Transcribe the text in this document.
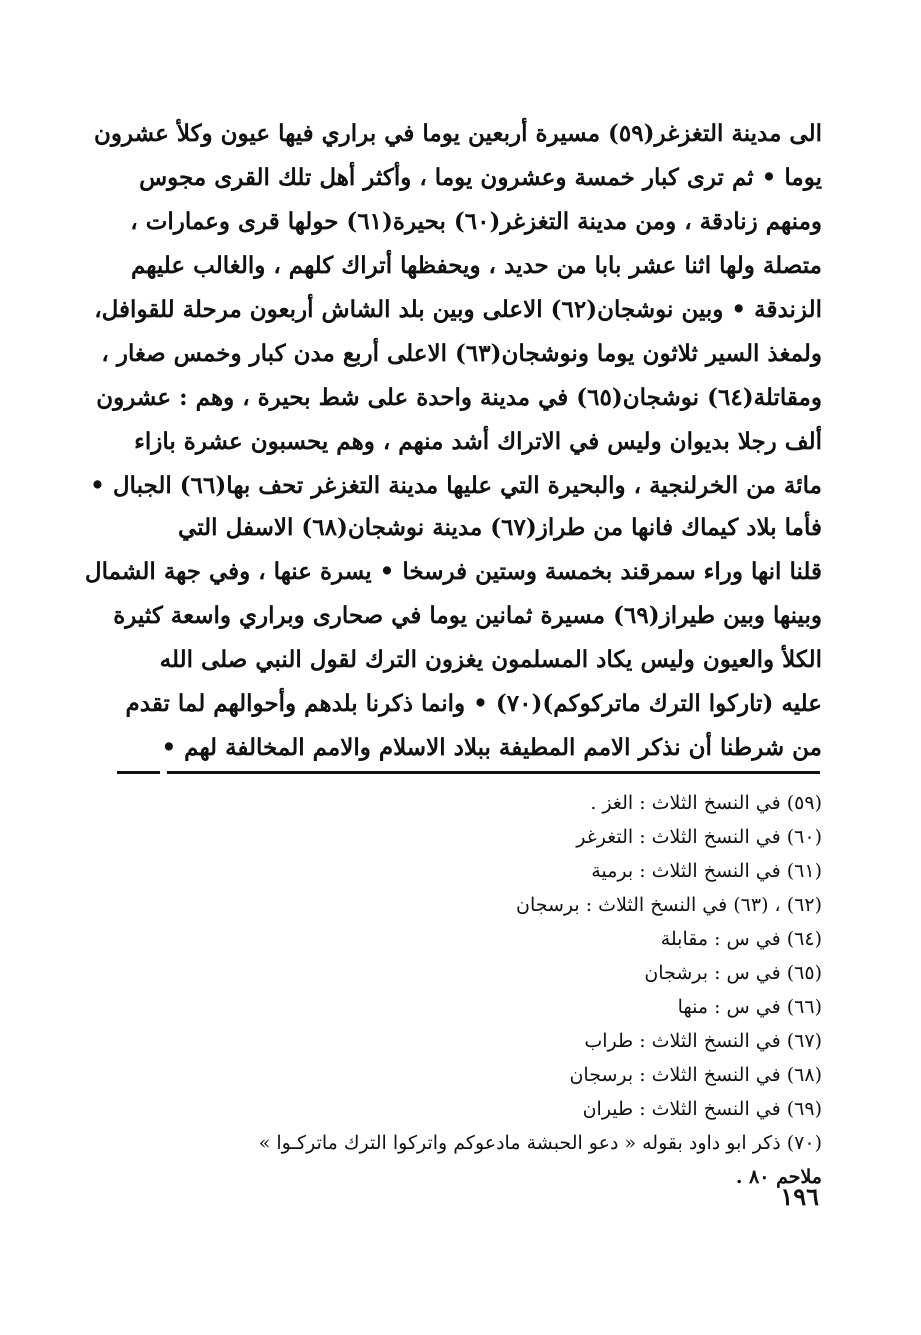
الى مدينة التغزغر(٥٩) مسيرة أربعين يوما في براري فيها عيون وكلأ عشرون
يوما • ثم ترى كبار خمسة وعشرون يوما ، وأكثر أهل تلك القرى مجوس
ومنهم زنادقة ، ومن مدينة التغزغر(٦٠) بحيرة(٦١) حولها قرى وعمارات ،
متصلة ولها اثنا عشر بابا من حديد ، ويحفظها أتراك كلهم ، والغالب عليهم
الزندقة • وبين نوشجان(٦٢) الاعلى وبين بلد الشاش أربعون مرحلة للقوافل،
ولمغذ السير ثلاثون يوما ونوشجان(٦٣) الاعلى أربع مدن كبار وخمس صغار ،
ومقاتلة(٦٤) نوشجان(٦٥) في مدينة واحدة على شط بحيرة ، وهم : عشرون
ألف رجلا بديوان وليس في الاتراك أشد منهم ، وهم يحسبون عشرة بازاء
مائة من الخرلنجية ، والبحيرة التي عليها مدينة التغزغر تحف بها(٦٦) الجبال •
فأما بلاد كيماك فانها من طراز(٦٧) مدينة نوشجان(٦٨) الاسفل التي
قلنا انها وراء سمرقند بخمسة وستين فرسخا • يسرة عنها ، وفي جهة الشمال
وبينها وبين طيراز(٦٩) مسيرة ثمانين يوما في صحارى وبراري واسعة كثيرة
الكلأ والعيون وليس يكاد المسلمون يغزون الترك لقول النبي صلى الله
عليه (تاركوا الترك ماتركوكم)(٧٠) • وانما ذكرنا بلدهم وأحوالهم لما تقدم
من شرطنا أن نذكر الامم المطيفة ببلاد الاسلام والامم المخالفة لهم •
(٥٩) في النسخ الثلاث : الغز .
(٦٠) في النسخ الثلاث : التغرغر
(٦١) في النسخ الثلاث : برمية
(٦٢) ، (٦٣) في النسخ الثلاث : برسجان
(٦٤) في س : مقابلة
(٦٥) في س : برشجان
(٦٦) في س : منها
(٦٧) في النسخ الثلاث : طراب
(٦٨) في النسخ الثلاث : برسجان
(٦٩) في النسخ الثلاث : طيران
(٧٠) ذكر ابو داود بقوله « دعو الحبشة مادعوكم واتركوا الترك ماتركـوا »
ملاحم ٨٠ .
١٩٦
